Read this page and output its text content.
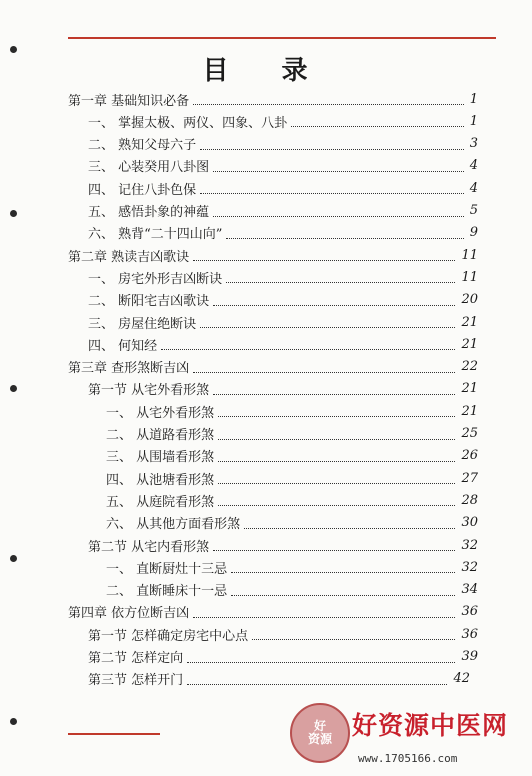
目 录
第一章 基础知识必备	1
一、 掌握太极、两仪、四象、八卦	1
二、 熟知父母六子	3
三、 心装癸用八卦图	4
四、 记住八卦色保	4
五、 感悟卦象的神蕴	5
六、 熟背“二十四山向”	9
第二章 熟读吉凶歌诀	11
一、 房宅外形吉凶断诀	11
二、 断阳宅吉凶歌诀	20
三、 房屋住绝断诀	21
四、 何知经	21
第三章 查形煞断吉凶	22
第一节 从宅外看形煞	21
一、 从宅外看形煞	21
二、 从道路看形煞	25
三、 从围墙看形煞	26
四、 从池塘看形煞	27
五、 从庭院看形煞	28
六、 从其他方面看形煞	30
第二节 从宅内看形煞	32
一、 直断厨灶十三忌	32
二、 直断睡床十一忌	34
第四章 依方位断吉凶	36
第一节 怎样确定房宅中心点	36
第二节 怎样定向	39
第三节 怎样开门	42
好
资源 好资源中医网
www.1705166.com
